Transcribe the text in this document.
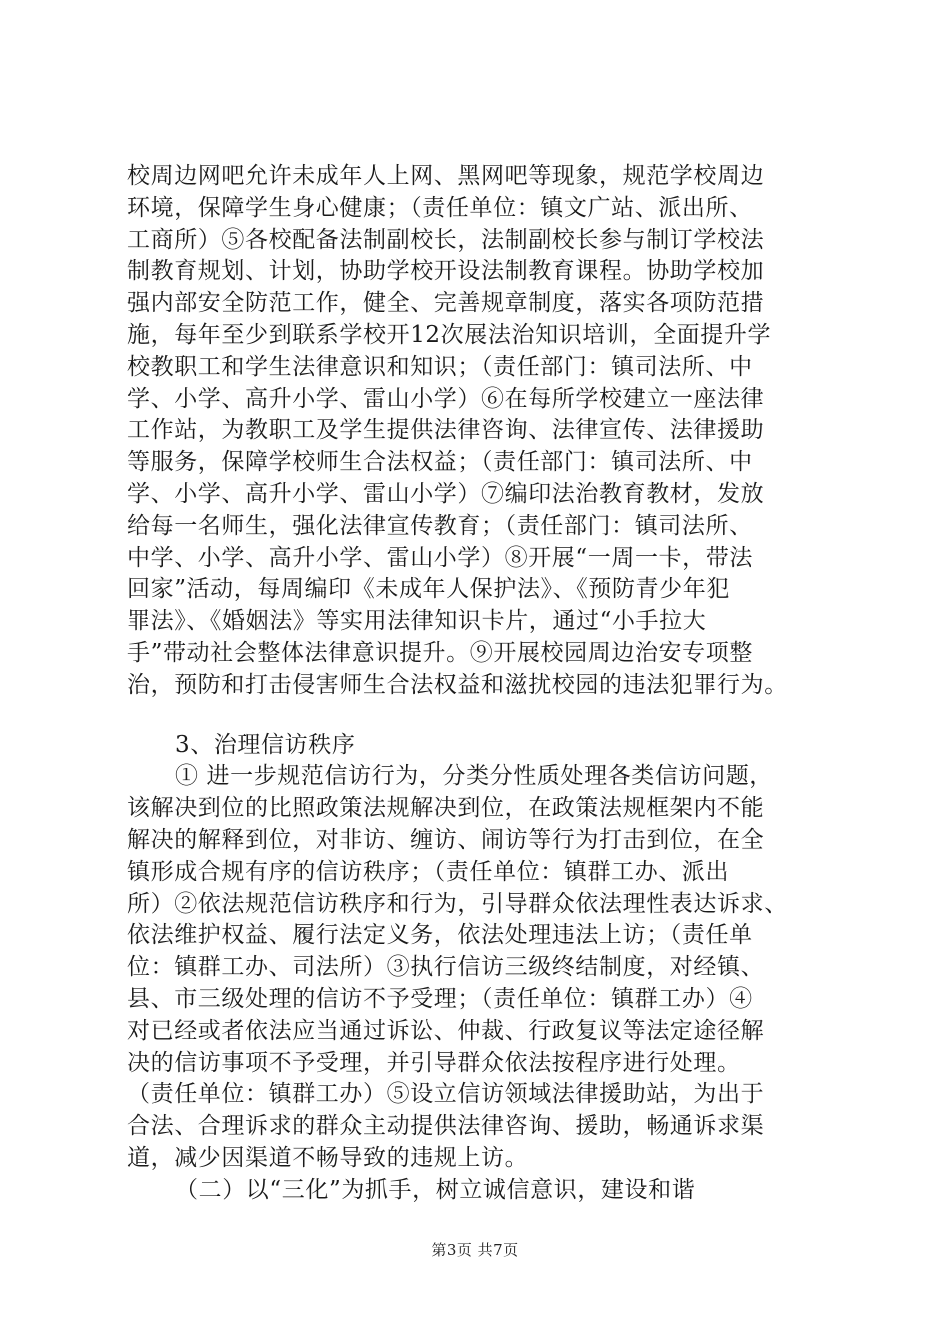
校周边网吧允许未成年人上网、黑网吧等现象，规范学校周边
环境，保障学生身心健康；（责任单位：镇文广站、派出所、
工商所）⑤各校配备法制副校长，法制副校长参与制订学校法
制教育规划、计划，协助学校开设法制教育课程。协助学校加
强内部安全防范工作，健全、完善规章制度，落实各项防范措
施，每年至少到联系学校开12次展法治知识培训，全面提升学
校教职工和学生法律意识和知识；（责任部门：镇司法所、中
学、小学、高升小学、雷山小学）⑥在每所学校建立一座法律
工作站，为教职工及学生提供法律咨询、法律宣传、法律援助
等服务，保障学校师生合法权益；（责任部门：镇司法所、中
学、小学、高升小学、雷山小学）⑦编印法治教育教材，发放
给每一名师生，强化法律宣传教育；（责任部门：镇司法所、
中学、小学、高升小学、雷山小学）⑧开展“一周一卡，带法
回家”活动，每周编印《未成年人保护法》、《预防青少年犯
罪法》、《婚姻法》等实用法律知识卡片，通过“小手拉大
手”带动社会整体法律意识提升。⑨开展校园周边治安专项整
治，预防和打击侵害师生合法权益和滋扰校园的违法犯罪行为。
3、治理信访秩序
① 进一步规范信访行为，分类分性质处理各类信访问题，
该解决到位的比照政策法规解决到位，在政策法规框架内不能
解决的解释到位，对非访、缠访、闹访等行为打击到位，在全
镇形成合规有序的信访秩序；（责任单位：镇群工办、派出
所）②依法规范信访秩序和行为，引导群众依法理性表达诉求、
依法维护权益、履行法定义务，依法处理违法上访；（责任单
位：镇群工办、司法所）③执行信访三级终结制度，对经镇、
县、市三级处理的信访不予受理；（责任单位：镇群工办）④
对已经或者依法应当通过诉讼、仲裁、行政复议等法定途径解
决的信访事项不予受理，并引导群众依法按程序进行处理。
（责任单位：镇群工办）⑤设立信访领域法律援助站，为出于
合法、合理诉求的群众主动提供法律咨询、援助，畅通诉求渠
道，减少因渠道不畅导致的违规上访。
（二）以“三化”为抓手，树立诚信意识，建设和谐
第3页 共7页
